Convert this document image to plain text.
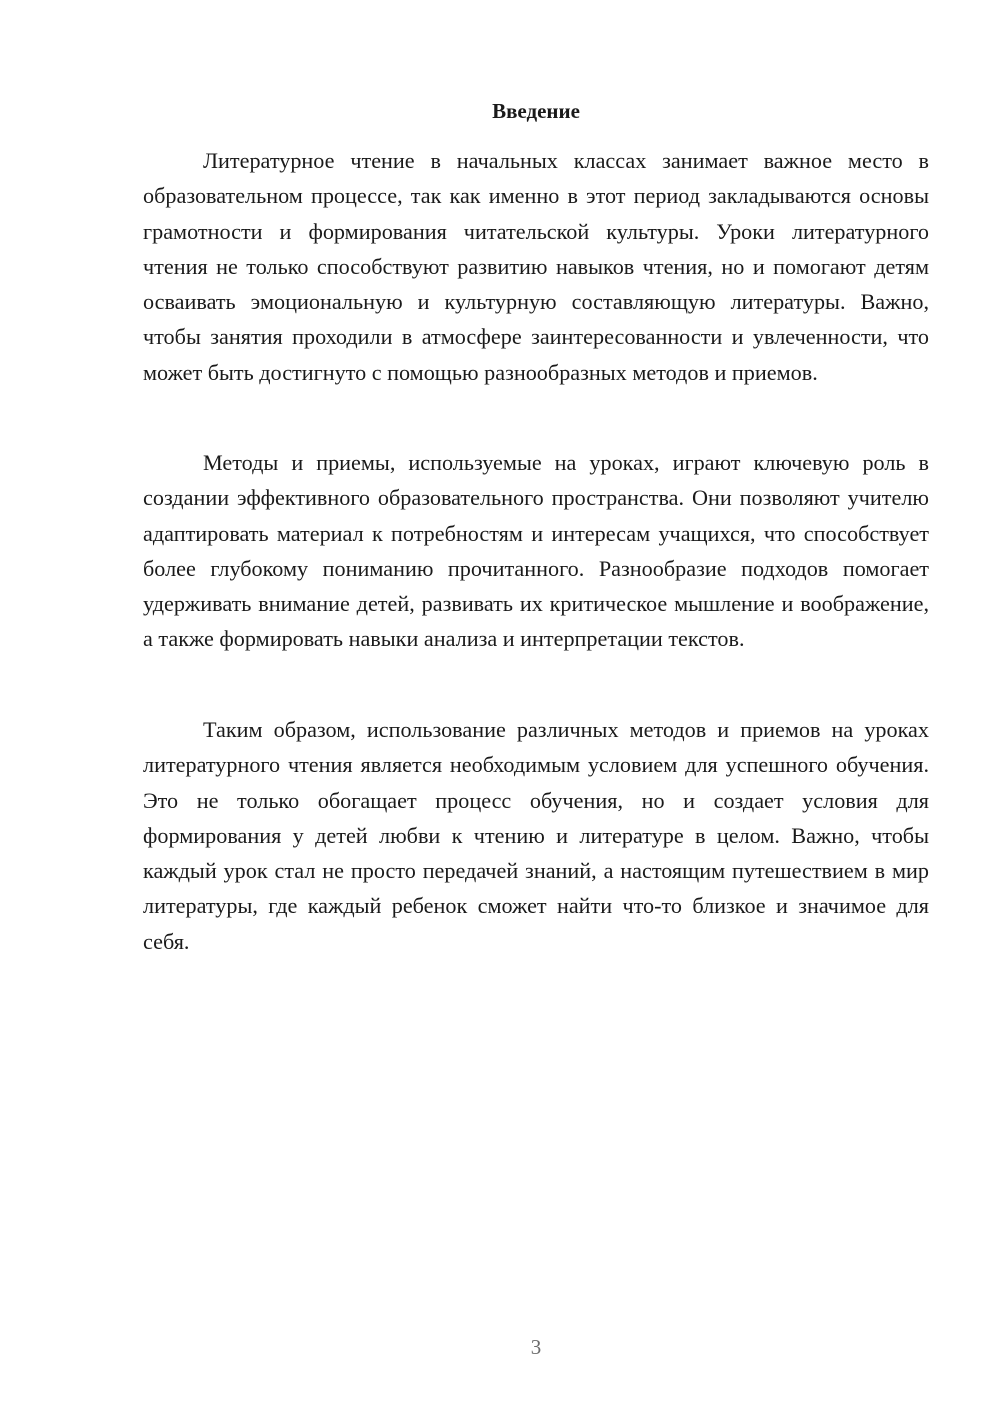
Введение

Литературное чтение в начальных классах занимает важное место в образовательном процессе, так как именно в этот период закладываются основы грамотности и формирования читательской культуры. Уроки литературного чтения не только способствуют развитию навыков чтения, но и помогают детям осваивать эмоциональную и культурную составляющую литературы. Важно, чтобы занятия проходили в атмосфере заинтересованности и увлеченности, что может быть достигнуто с помощью разнообразных методов и приемов.

Методы и приемы, используемые на уроках, играют ключевую роль в создании эффективного образовательного пространства. Они позволяют учителю адаптировать материал к потребностям и интересам учащихся, что способствует более глубокому пониманию прочитанного. Разнообразие подходов помогает удерживать внимание детей, развивать их критическое мышление и воображение, а также формировать навыки анализа и интерпретации текстов.

Таким образом, использование различных методов и приемов на уроках литературного чтения является необходимым условием для успешного обучения. Это не только обогащает процесс обучения, но и создает условия для формирования у детей любви к чтению и литературе в целом. Важно, чтобы каждый урок стал не просто передачей знаний, а настоящим путешествием в мир литературы, где каждый ребенок сможет найти что-то близкое и значимое для себя.

3
